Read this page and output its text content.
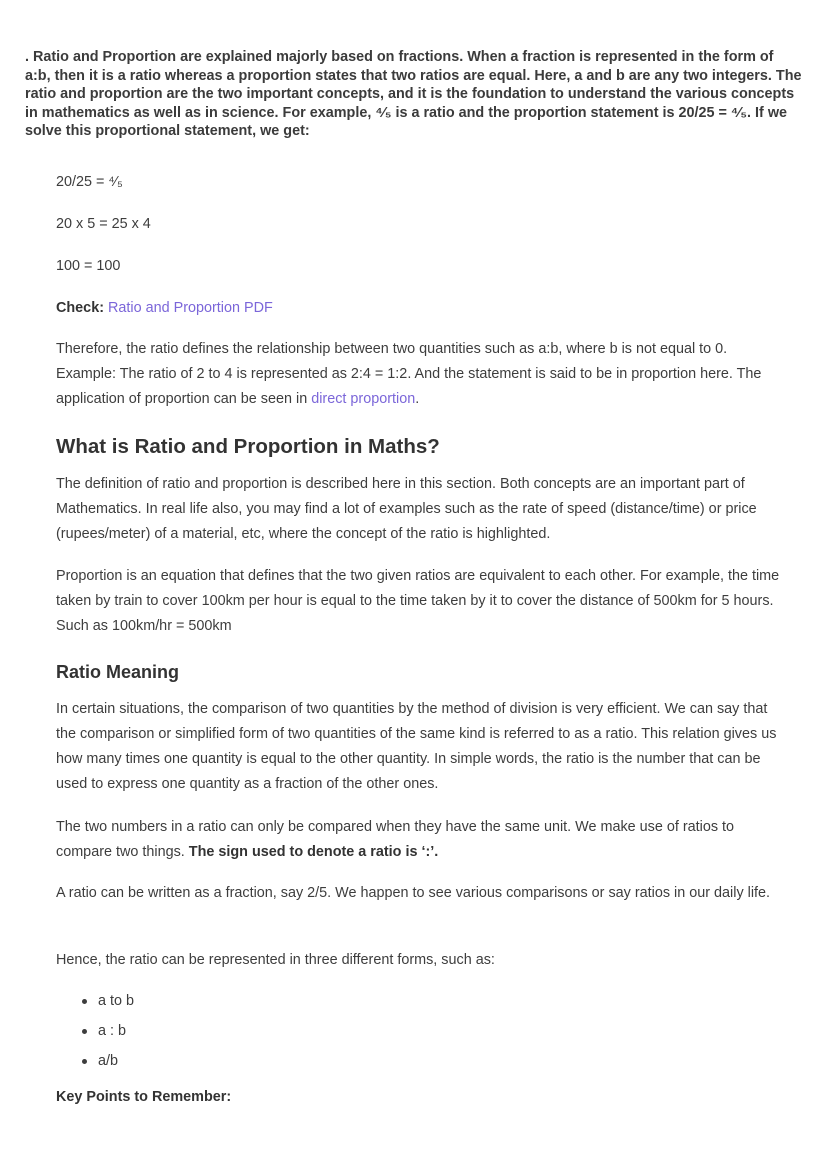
. Ratio and Proportion are explained majorly based on fractions. When a fraction is represented in the form of a:b, then it is a ratio whereas a proportion states that two ratios are equal. Here, a and b are any two integers. The ratio and proportion are the two important concepts, and it is the foundation to understand the various concepts in mathematics as well as in science. For example, ⁴⁄₅ is a ratio and the proportion statement is 20/25 = ⁴⁄₅. If we solve this proportional statement, we get:

20/25 = ⁴⁄₅

20 x 5 = 25 x 4

100 = 100

Check: Ratio and Proportion PDF

Therefore, the ratio defines the relationship between two quantities such as a:b, where b is not equal to 0. Example: The ratio of 2 to 4 is represented as 2:4 = 1:2. And the statement is said to be in proportion here. The application of proportion can be seen in direct proportion.

What is Ratio and Proportion in Maths?

The definition of ratio and proportion is described here in this section. Both concepts are an important part of Mathematics. In real life also, you may find a lot of examples such as the rate of speed (distance/time) or price (rupees/meter) of a material, etc, where the concept of the ratio is highlighted.

Proportion is an equation that defines that the two given ratios are equivalent to each other. For example, the time taken by train to cover 100km per hour is equal to the time taken by it to cover the distance of 500km for 5 hours. Such as 100km/hr = 500km

Ratio Meaning

In certain situations, the comparison of two quantities by the method of division is very efficient. We can say that the comparison or simplified form of two quantities of the same kind is referred to as a ratio. This relation gives us how many times one quantity is equal to the other quantity. In simple words, the ratio is the number that can be used to express one quantity as a fraction of the other ones.

The two numbers in a ratio can only be compared when they have the same unit. We make use of ratios to compare two things. The sign used to denote a ratio is ‘:’.

A ratio can be written as a fraction, say 2/5. We happen to see various comparisons or say ratios in our daily life.

Hence, the ratio can be represented in three different forms, such as:

a to b
a : b
a/b

Key Points to Remember:
